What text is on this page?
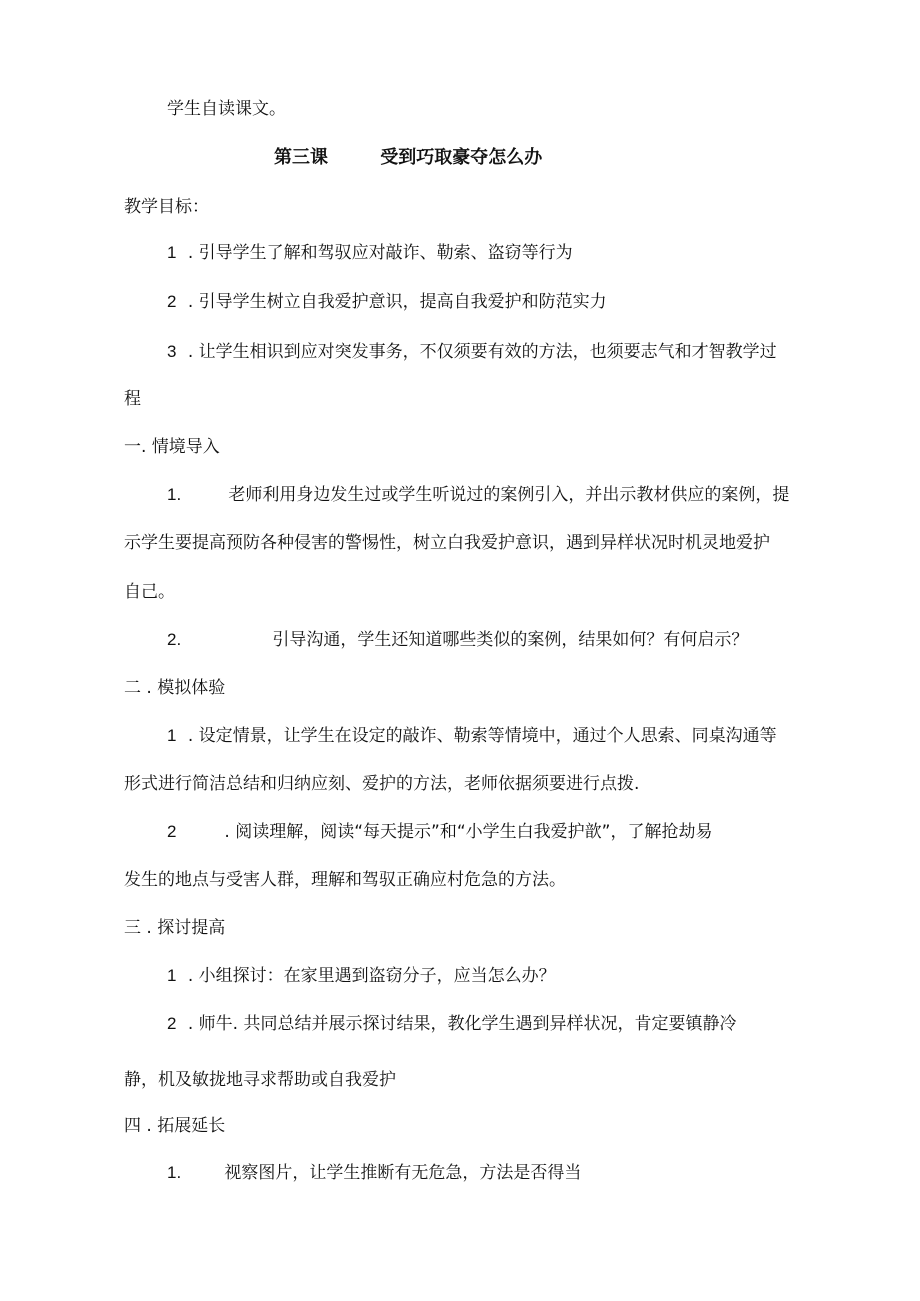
学生自读课文。
第三课	受到巧取豪夺怎么办
教学目标：
1 . 引导学生了解和驾驭应对敲诈、勒索、盗窃等行为
2 . 引导学生树立自我爱护意识，提高自我爱护和防范实力
3 . 让学生相识到应对突发事务，不仅须要有效的方法，也须要志气和才智教学过
程
一. 情境导入
1.	老师利用身边发生过或学生听说过的案例引入，并出示教材供应的案例，提
示学生要提高预防各种侵害的警惕性，树立白我爱护意识，遇到异样状况时机灵地爱护
自己。
2.	引导沟通，学生还知道哪些类似的案例，结果如何？有何启示？
二 . 模拟体验
1 . 设定情景，让学生在设定的敲诈、勒索等情境中，通过个人思索、同桌沟通等
形式进行简洁总结和归纳应刻、爱护的方法，老师依据须要进行点拨.
2	. 阅读理解，阅读“每天提示”和“小学生白我爱护歆”，了解抢劫易
发生的地点与受害人群，理解和驾驭正确应村危急的方法。
三 . 探讨提高
1 . 小组探讨：在家里遇到盗窃分子，应当怎么办？
2 . 师牛. 共同总结并展示探讨结果，教化学生遇到异样状况，肯定要镇静冷
静，机及敏拢地寻求帮助或自我爱护
四 . 拓展延长
1.	视察图片，让学生推断有无危急，方法是否得当
